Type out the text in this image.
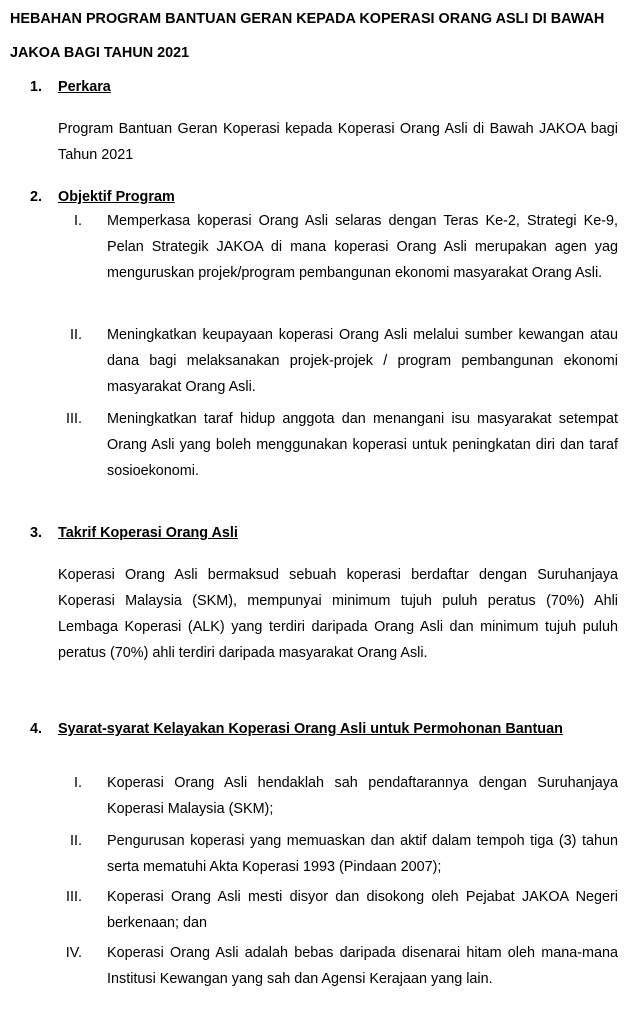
HEBAHAN PROGRAM BANTUAN GERAN KEPADA KOPERASI ORANG ASLI DI BAWAH JAKOA BAGI TAHUN 2021
1. Perkara
Program Bantuan Geran Koperasi kepada Koperasi Orang Asli di Bawah JAKOA bagi Tahun 2021
2. Objektif Program
I. Memperkasa koperasi Orang Asli selaras dengan Teras Ke-2, Strategi Ke-9, Pelan Strategik JAKOA di mana koperasi Orang Asli merupakan agen yag menguruskan projek/program pembangunan ekonomi masyarakat Orang Asli.
II. Meningkatkan keupayaan koperasi Orang Asli melalui sumber kewangan atau dana bagi melaksanakan projek-projek / program pembangunan ekonomi masyarakat Orang Asli.
III. Meningkatkan taraf hidup anggota dan menangani isu masyarakat setempat Orang Asli yang boleh menggunakan koperasi untuk peningkatan diri dan taraf sosioekonomi.
3. Takrif Koperasi Orang Asli
Koperasi Orang Asli bermaksud sebuah koperasi berdaftar dengan Suruhanjaya Koperasi Malaysia (SKM), mempunyai minimum tujuh puluh peratus (70%) Ahli Lembaga Koperasi (ALK) yang terdiri daripada Orang Asli dan minimum tujuh puluh peratus (70%) ahli terdiri daripada masyarakat Orang Asli.
4. Syarat-syarat Kelayakan Koperasi Orang Asli untuk Permohonan Bantuan
I. Koperasi Orang Asli hendaklah sah pendaftarannya dengan Suruhanjaya Koperasi Malaysia (SKM);
II. Pengurusan koperasi yang memuaskan dan aktif dalam tempoh tiga (3) tahun serta mematuhi Akta Koperasi 1993 (Pindaan 2007);
III. Koperasi Orang Asli mesti disyor dan disokong oleh Pejabat JAKOA Negeri berkenaan; dan
IV. Koperasi Orang Asli adalah bebas daripada disenarai hitam oleh mana-mana Institusi Kewangan yang sah dan Agensi Kerajaan yang lain.
